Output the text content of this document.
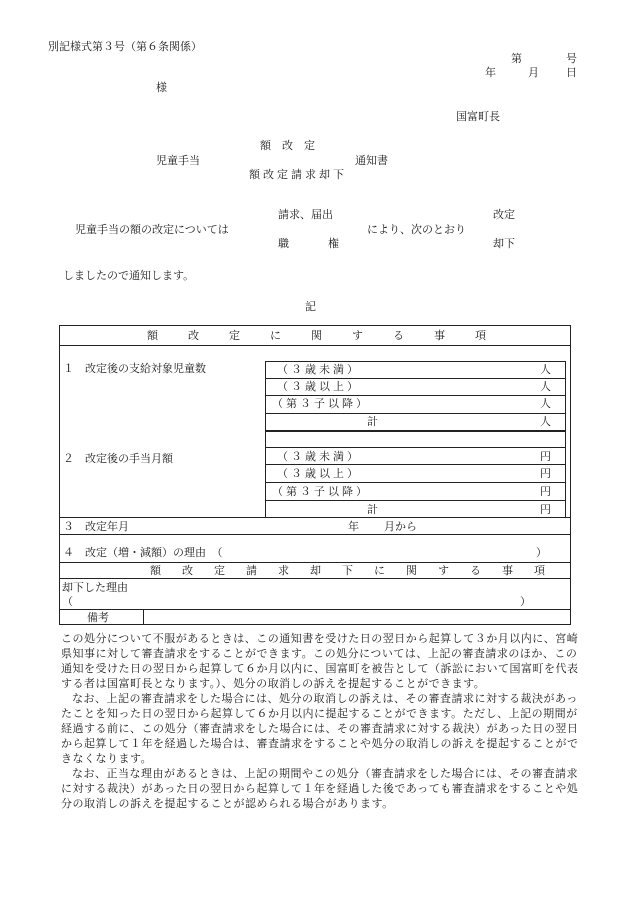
別記様式第３号（第６条関係）
第	号
年	月 日
様
国富町長
額　改　定
児童手当	通知書
額改定請求却下
請求、届出	改定
児童手当の額の改定については	により、次のとおり
職	権	却下
しましたので通知します。
記
額改定に関する事項
１　改定後の支給対象児童数	（３歳未満）	人
（３歳以上）	人
（第３子以降）	人
計	人
２　改定後の手当月額	（３歳未満）	円
（３歳以上）	円
（第３子以降）	円
計	円
３　改定年月	年 月から
４　改定（増・減額）の理由　（	）
額改定請求却下に関する事項
却下した理由
（	）
備考

この処分について不服があるときは、この通知書を受けた日の翌日から起算して３か月以内に、宮崎県知事に対して審査請求をすることができます。この処分については、上記の審査請求のほか、この通知を受けた日の翌日から起算して６か月以内に、国富町を被告として（訴訟において国富町を代表する者は国富町長となります。）、処分の取消しの訴えを提起することができます。

なお、上記の審査請求をした場合には、処分の取消しの訴えは、その審査請求に対する裁決があったことを知った日の翌日から起算して６か月以内に提起することができます。ただし、上記の期間が経過する前に、この処分（審査請求をした場合には、その審査請求に対する裁決）があった日の翌日から起算して１年を経過した場合は、審査請求をすることや処分の取消しの訴えを提起することができなくなります。

なお、正当な理由があるときは、上記の期間やこの処分（審査請求をした場合には、その審査請求に対する裁決）があった日の翌日から起算して１年を経過した後であっても審査請求をすることや処分の取消しの訴えを提起することが認められる場合があります。
